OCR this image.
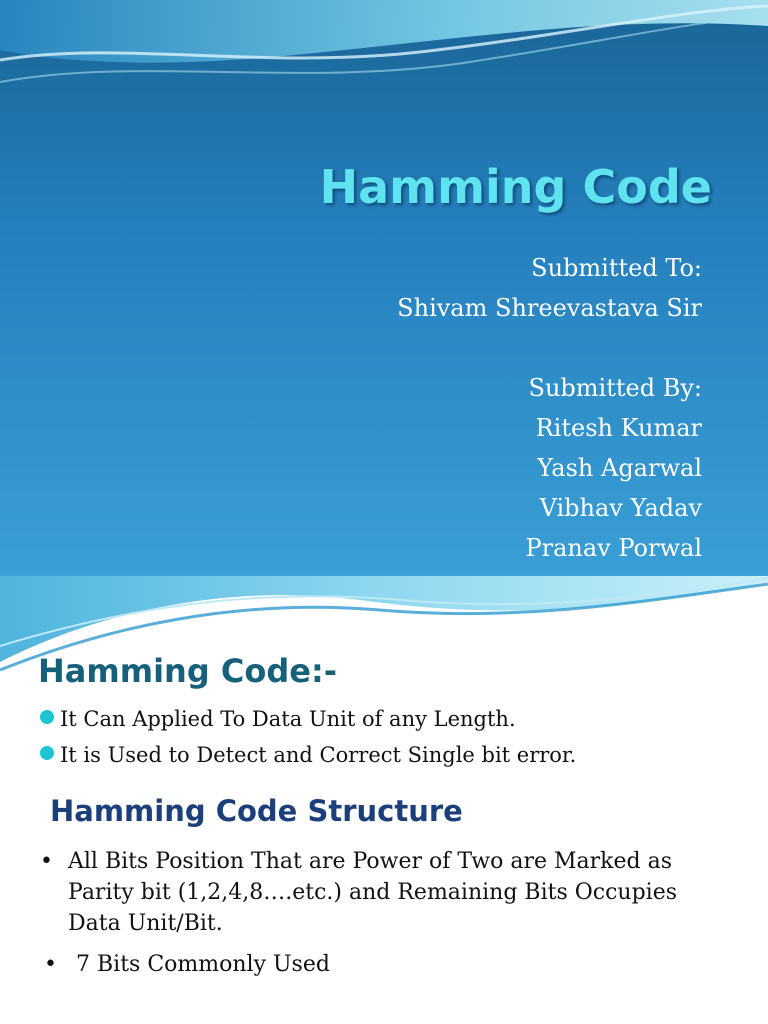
Hamming Code
Submitted To:
Shivam Shreevastava Sir
Submitted By:
Ritesh Kumar
Yash Agarwal
Vibhav Yadav
Pranav Porwal
Hamming Code:-
It Can Applied To Data Unit of any Length.
It is Used to Detect and Correct Single bit error.
Hamming Code Structure
• All Bits Position That are Power of Two are Marked as Parity bit (1,2,4,8….etc.) and Remaining Bits Occupies Data Unit/Bit.
• 7 Bits Commonly Used
